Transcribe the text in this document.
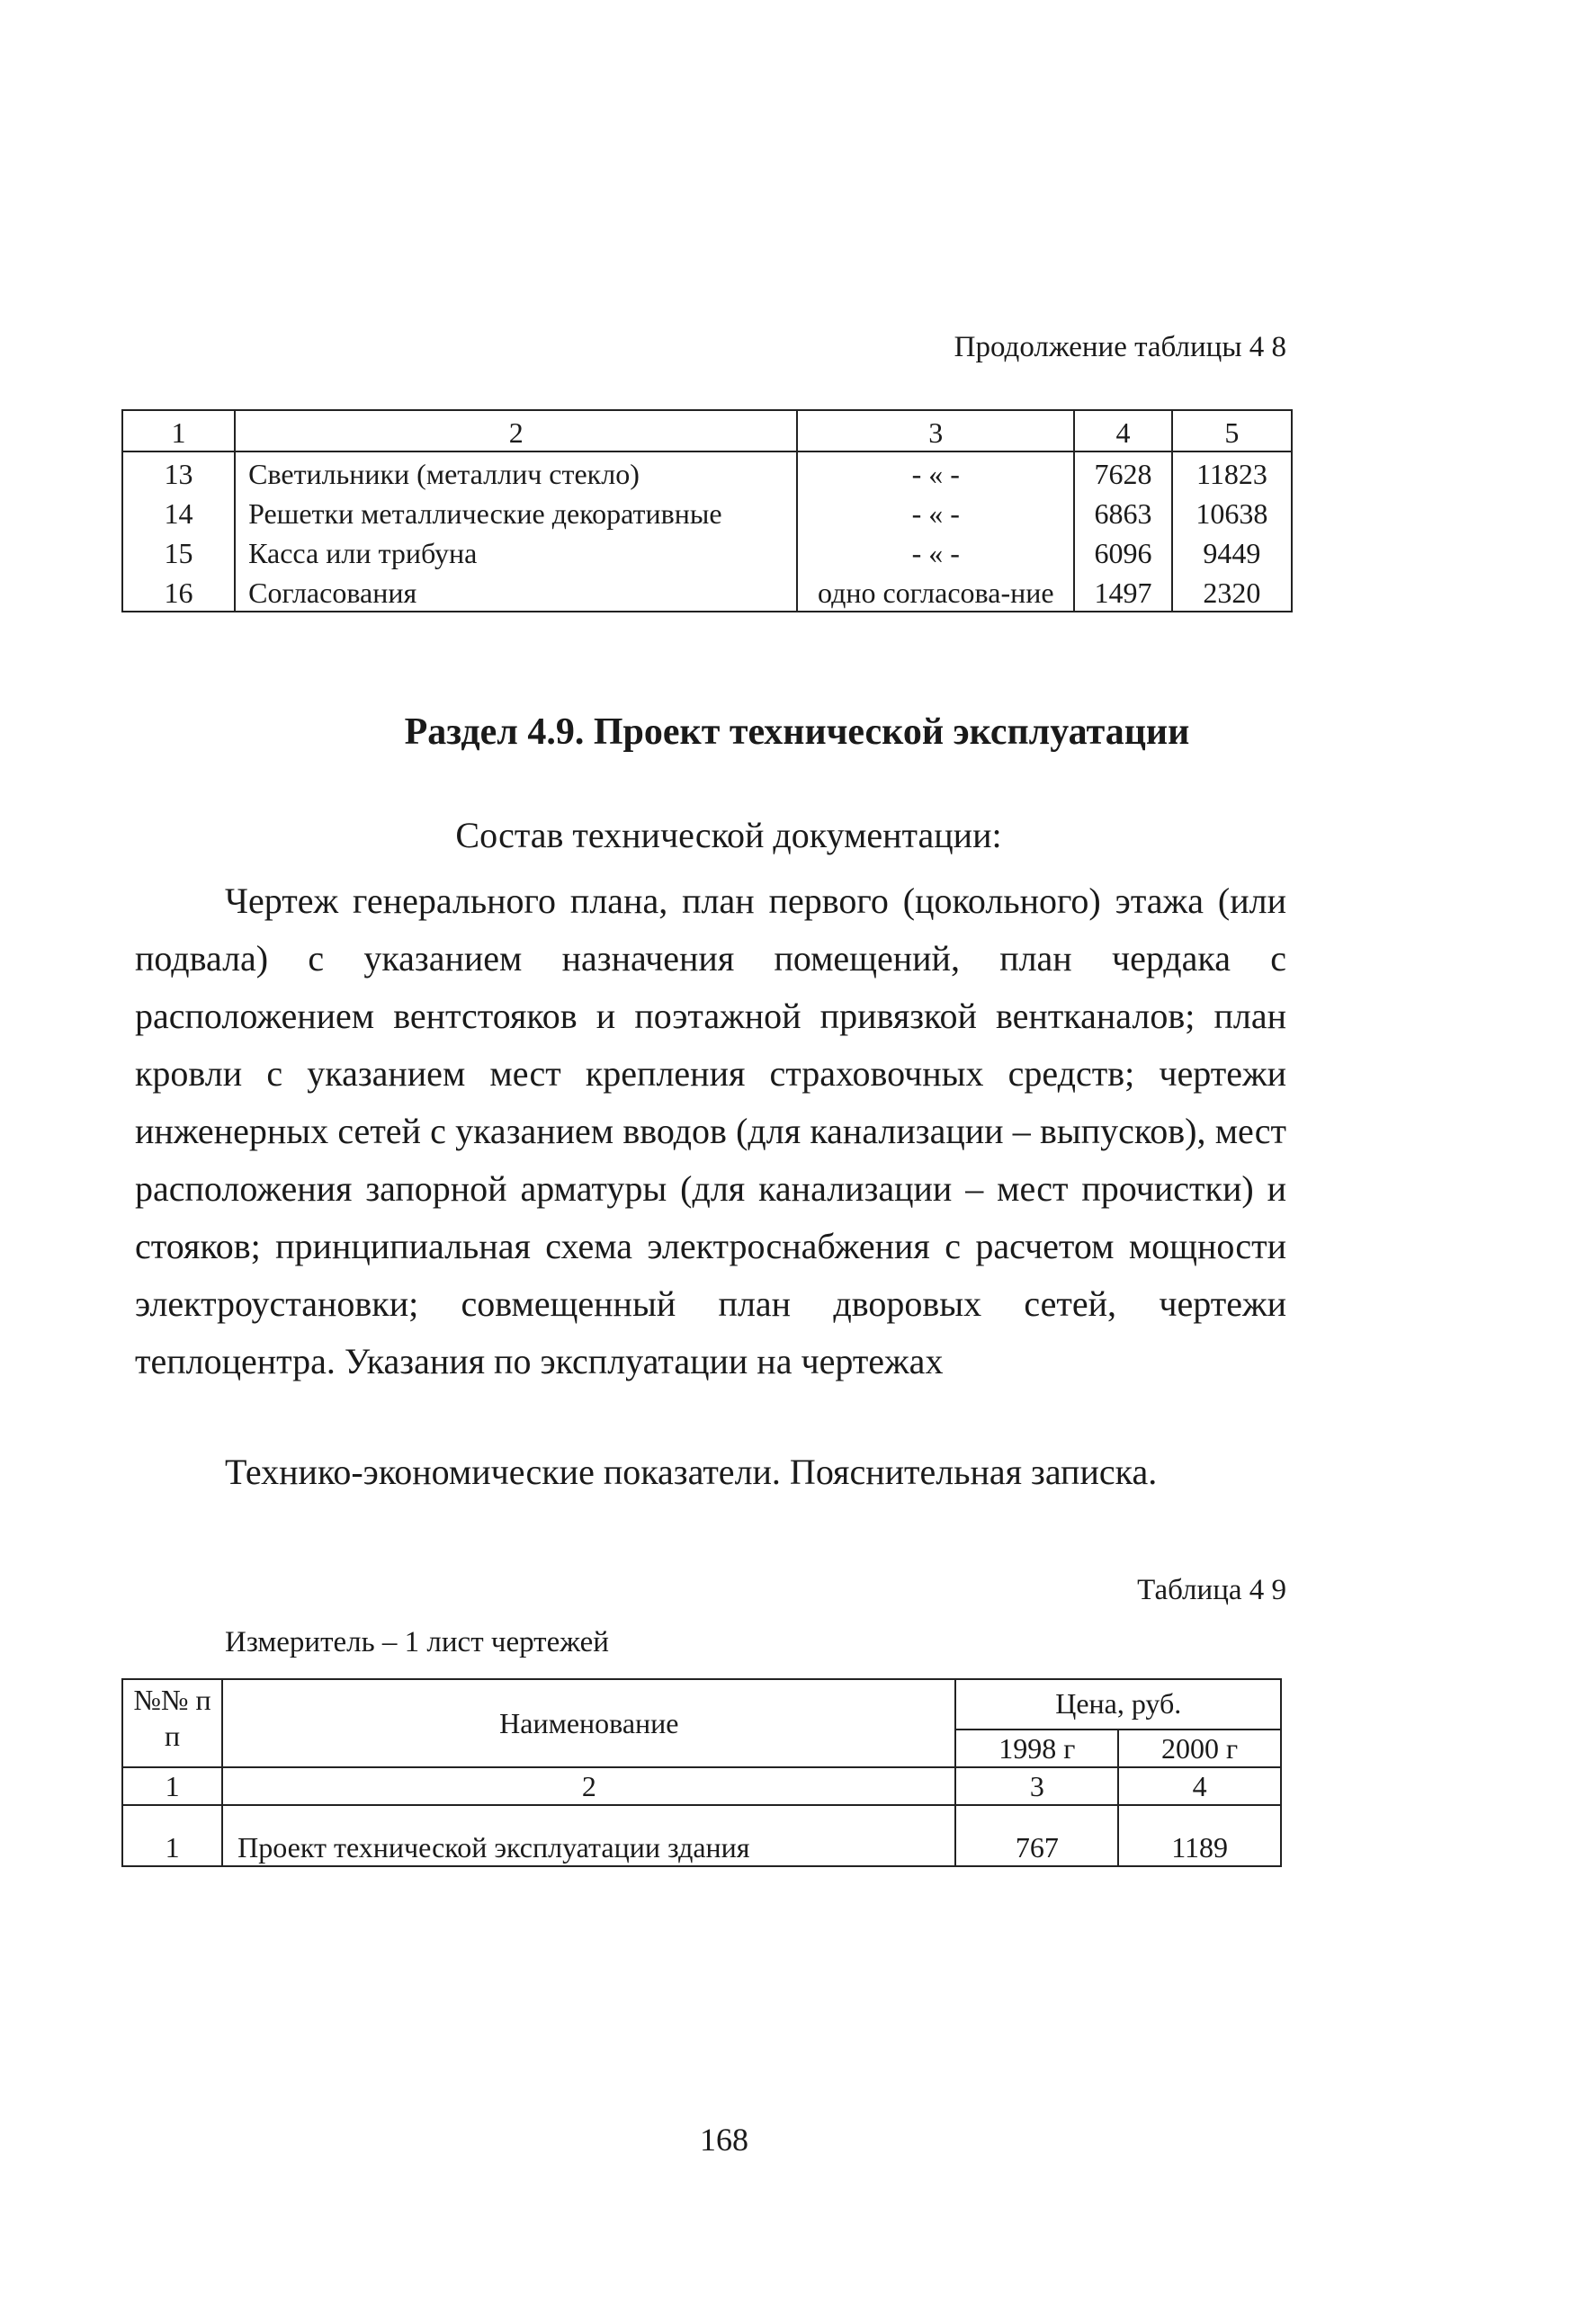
Продолжение таблицы 4 8
1	2	3	4	5
13	Светильники (металлич стекло)	- « -	7628	11823
14	Решетки металлические декоративные	- « -	6863	10638
15	Касса или трибуна	- « -	6096	9449
16	Согласования	одно согласова-ние	1497	2320
Раздел 4.9. Проект технической эксплуатации
Состав технической документации:

Чертеж генерального плана, план первого (цокольного) этажа (или подвала) с указанием назначения помещений, план чердака с расположением вентстояков и поэтажной привязкой вентканалов; план кровли с указанием мест крепления страховочных средств; чертежи инженерных сетей с указанием вводов (для канализации – выпусков), мест расположения запорной арматуры (для канализации – мест прочистки) и стояков; принципиальная схема электроснабжения с расчетом мощности электроустановки; совмещенный план дворовых сетей, чертежи теплоцентра. Указания по эксплуатации на чертежах

Технико-экономические показатели. Пояснительная записка.

Таблица 4 9
Измеритель – 1 лист чертежей
№№ п п	Наименование	Цена, руб.	
		1998 г	2000 г
1	2	3	4
1	Проект технической эксплуатации здания	767	1189
168
